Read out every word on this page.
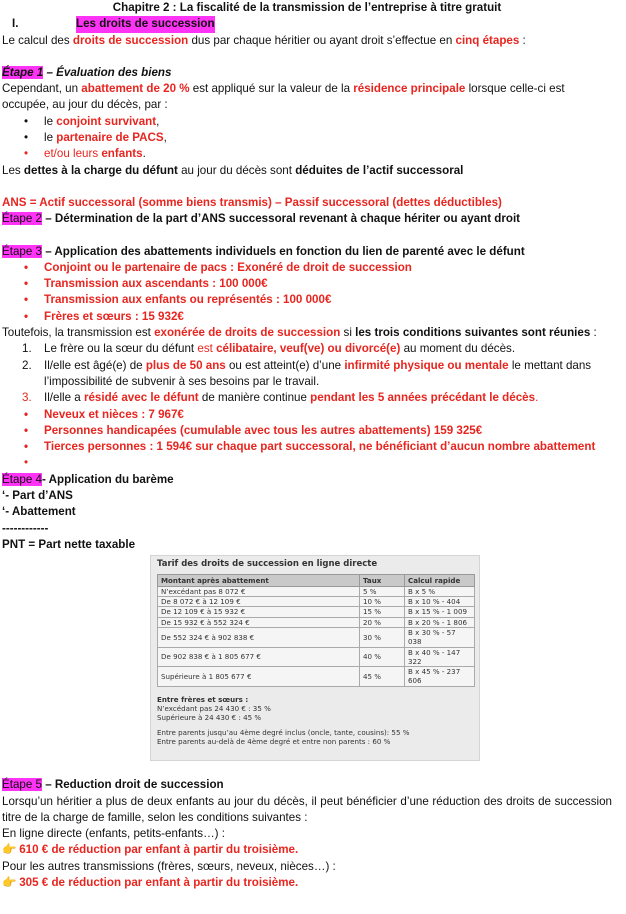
Chapitre 2 : La fiscalité de la transmission de l’entreprise à titre gratuit

I.	Les droits de succession

Le calcul des droits de succession dus par chaque héritier ou ayant droit s’effectue en cinq étapes :

Étape 1 – Évaluation des biens

Cependant, un abattement de 20 % est appliqué sur la valeur de la résidence principale lorsque celle-ci est occupée, au jour du décès, par :

• le conjoint survivant,
• le partenaire de PACS,
• et/ou leurs enfants.

Les dettes à la charge du défunt au jour du décès sont déduites de l’actif successoral

ANS = Actif successoral (somme biens transmis) – Passif successoral (dettes déductibles)

Étape 2 – Détermination de la part d’ANS successoral revenant à chaque hériter ou ayant droit

Étape 3 – Application des abattements individuels en fonction du lien de parenté avec le défunt

• Conjoint ou le partenaire de pacs : Exonéré de droit de succession
• Transmission aux ascendants : 100 000€
• Transmission aux enfants ou représentés : 100 000€
• Frères et sœurs : 15 932€

Toutefois, la transmission est exonérée de droits de succession si les trois conditions suivantes sont réunies :

1. Le frère ou la sœur du défunt est célibataire, veuf(ve) ou divorcé(e) au moment du décès.
2. Il/elle est âgé(e) de plus de 50 ans ou est atteint(e) d’une infirmité physique ou mentale le mettant dans l’impossibilité de subvenir à ses besoins par le travail.
3. Il/elle a résidé avec le défunt de manière continue pendant les 5 années précédant le décès.
• Neveux et nièces : 7 967€
• Personnes handicapées (cumulable avec tous les autres abattements) 159 325€
• Tierces personnes : 1 594€ sur chaque part successoral, ne bénéficiant d’aucun nombre abattement
•

Étape 4- Application du barème

‘- Part d’ANS

‘- Abattement

------------

PNT = Part nette taxable

Tarif des droits de succession en ligne directe
Montant après abattement	Taux	Calcul rapide
N’excédant pas 8 072 €	5 %	B x 5 %
De 8 072 € à 12 109 €	10 %	B x 10 % - 404
De 12 109 € à 15 932 €	15 %	B x 15 % - 1 009
De 15 932 € à 552 324 €	20 %	B x 20 % - 1 806
De 552 324 € à 902 838 €	30 %	B x 30 % - 57 038
De 902 838 € à 1 805 677 €	40 %	B x 40 % - 147 322
Supérieure à 1 805 677 €	45 %	B x 45 % - 237 606
Entre frères et sœurs :
N’excédant pas 24 430 € : 35 %
Supérieure à 24 430 € : 45 %
Entre parents jusqu’au 4ème degré inclus (oncle, tante, cousins): 55 %
Entre parents au-delà de 4ème degré et entre non parents : 60 %

Étape 5 – Reduction droit de succession

Lorsqu’un héritier a plus de deux enfants au jour du décès, il peut bénéficier d’une réduction des droits de succession titre de la charge de famille, selon les conditions suivantes :

En ligne directe (enfants, petits-enfants…) :

👉 610 € de réduction par enfant à partir du troisième.

Pour les autres transmissions (frères, sœurs, neveux, nièces…) :

👉 305 € de réduction par enfant à partir du troisième.
